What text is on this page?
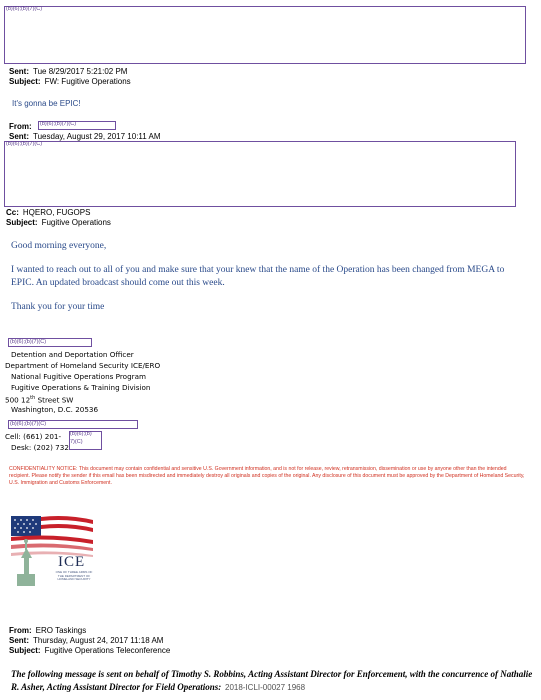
(b)(6);(b)(7)(C)
Sent: Tue 8/29/2017 5:21:02 PM
Subject: FW: Fugitive Operations
It's gonna be EPIC!
From:	(b)(6);(b)(7)(C)
Sent: Tuesday, August 29, 2017 10:11 AM
(b)(6);(b)(7)(C)
Cc: HQERO, FUGOPS
Subject: Fugitive Operations
Good morning everyone,
I wanted to reach out to all of you and make sure that your knew that the name of the Operation has been changed from MEGA to EPIC. An updated broadcast should come out this week.
Thank you for your time
(b)(6);(b)(7)(C)
Detention and Deportation Officer
Department of Homeland Security ICE/ERO
National Fugitive Operations Program
Fugitive Operations & Training Division
500 12th Street SW
Washington, D.C. 20536
(b)(6);(b)(7)(C)
Cell: (661) 201-
Desk: (202) 732
(b)(6);(b)
7)(C)
CONFIDENTIALITY NOTICE: This document may contain confidential and sensitive U.S. Government information, and is not for release, review, retransmission, dissemination or use by anyone other than the intended recipient. Please notify the sender if this email has been misdirected and immediately destroy all originals and copies of the original. Any disclosure of this document must be approved by the Department of Homeland Security, U.S. Immigration and Customs Enforcement.
ICE
ONE OF THREE ARMS OF THE DEPARTMENT OF HOMELAND SECURITY
From: ERO Taskings
Sent: Thursday, August 24, 2017 11:18 AM
Subject: Fugitive Operations Teleconference
The following message is sent on behalf of Timothy S. Robbins, Acting Assistant Director for Enforcement, with the concurrence of Nathalie R. Asher, Acting Assistant Director for Field Operations: 2018-ICLI-00027 1968
